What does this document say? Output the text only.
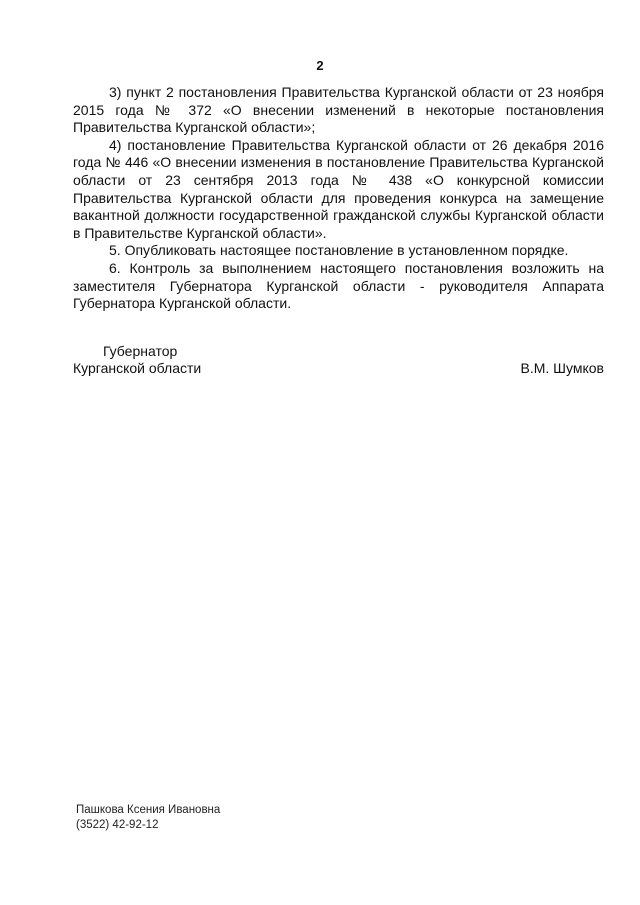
2

3) пункт 2 постановления Правительства Курганской области от 23 ноября 2015 года № 372 «О внесении изменений в некоторые постановления Правительства Курганской области»;

4) постановление Правительства Курганской области от 26 декабря 2016 года № 446 «О внесении изменения в постановление Правительства Курганской области от 23 сентября 2013 года № 438 «О конкурсной комиссии Правительства Курганской области для проведения конкурса на замещение вакантной должности государственной гражданской службы Курганской области в Правительстве Курганской области».

5. Опубликовать настоящее постановление в установленном порядке.

6. Контроль за выполнением настоящего постановления возложить на заместителя Губернатора Курганской области - руководителя Аппарата Губернатора Курганской области.

Губернатор
Курганской области	В.М. Шумков
Пашкова Ксения Ивановна
(3522) 42-92-12
